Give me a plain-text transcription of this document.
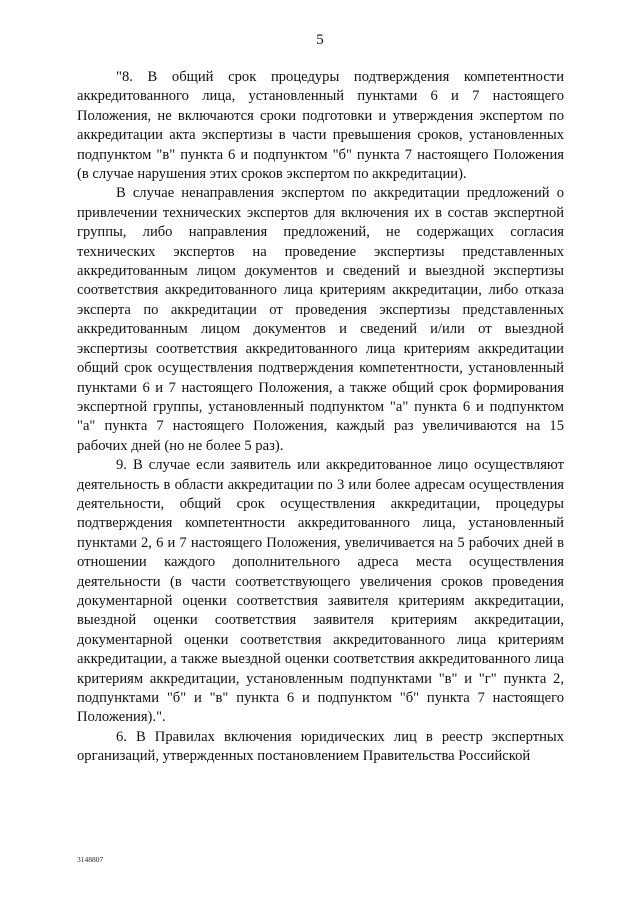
5

"8. В общий срок процедуры подтверждения компетентности аккредитованного лица, установленный пунктами 6 и 7 настоящего Положения, не включаются сроки подготовки и утверждения экспертом по аккредитации акта экспертизы в части превышения сроков, установленных подпунктом "в" пункта 6 и подпунктом "б" пункта 7 настоящего Положения (в случае нарушения этих сроков экспертом по аккредитации).

В случае ненаправления экспертом по аккредитации предложений о привлечении технических экспертов для включения их в состав экспертной группы, либо направления предложений, не содержащих согласия технических экспертов на проведение экспертизы представленных аккредитованным лицом документов и сведений и выездной экспертизы соответствия аккредитованного лица критериям аккредитации, либо отказа эксперта по аккредитации от проведения экспертизы представленных аккредитованным лицом документов и сведений и/или от выездной экспертизы соответствия аккредитованного лица критериям аккредитации общий срок осуществления подтверждения компетентности, установленный пунктами 6 и 7 настоящего Положения, а также общий срок формирования экспертной группы, установленный подпунктом "а" пункта 6 и подпунктом "а" пункта 7 настоящего Положения, каждый раз увеличиваются на 15 рабочих дней (но не более 5 раз).

9. В случае если заявитель или аккредитованное лицо осуществляют деятельность в области аккредитации по 3 или более адресам осуществления деятельности, общий срок осуществления аккредитации, процедуры подтверждения компетентности аккредитованного лица, установленный пунктами 2, 6 и 7 настоящего Положения, увеличивается на 5 рабочих дней в отношении каждого дополнительного адреса места осуществления деятельности (в части соответствующего увеличения сроков проведения документарной оценки соответствия заявителя критериям аккредитации, выездной оценки соответствия заявителя критериям аккредитации, документарной оценки соответствия аккредитованного лица критериям аккредитации, а также выездной оценки соответствия аккредитованного лица критериям аккредитации, установленным подпунктами "в" и "г" пункта 2, подпунктами "б" и "в" пункта 6 и подпунктом "б" пункта 7 настоящего Положения).".

6. В Правилах включения юридических лиц в реестр экспертных организаций, утвержденных постановлением Правительства Российской

3148807
